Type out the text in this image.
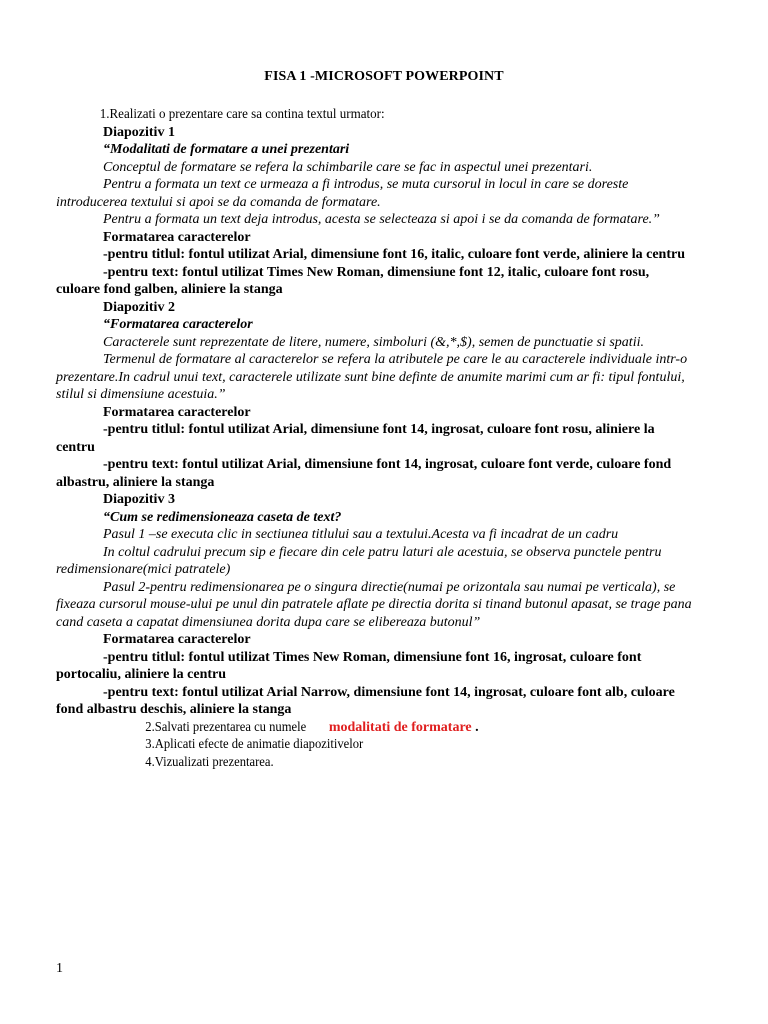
FISA 1 -MICROSOFT POWERPOINT

1.Realizati o prezentare care sa contina textul urmator:

Diapozitiv 1

“Modalitati de formatare a unei prezentari

Conceptul de formatare se refera la schimbarile care se fac in aspectul unei prezentari.

Pentru a formata un text ce urmeaza a fi introdus, se muta cursorul in locul in care se doreste introducerea textului si apoi se da comanda de formatare.

Pentru a formata un text deja introdus, acesta se selecteaza si apoi i se da comanda de formatare.”

Formatarea caracterelor

-pentru titlul: fontul utilizat Arial, dimensiune font 16, italic, culoare font verde, aliniere la centru

-pentru text: fontul utilizat Times New Roman, dimensiune font 12, italic, culoare font rosu, culoare fond galben, aliniere la stanga

Diapozitiv 2

“Formatarea caracterelor

Caracterele sunt reprezentate de litere, numere, simboluri (&,*,$), semen de punctuatie si spatii.

Termenul de formatare al caracterelor se refera la atributele pe care le au caracterele individuale intr-o prezentare.In cadrul unui text, caracterele utilizate sunt bine definte de anumite marimi cum ar fi: tipul fontului, stilul si dimensiune acestuia.”

Formatarea caracterelor

-pentru titlul: fontul utilizat Arial, dimensiune font 14, ingrosat, culoare font rosu, aliniere la centru

-pentru text: fontul utilizat Arial, dimensiune font 14, ingrosat, culoare font verde, culoare fond albastru, aliniere la stanga

Diapozitiv 3

“Cum se redimensioneaza caseta de text?

Pasul 1 –se executa clic in sectiunea titlului sau a textului.Acesta va fi incadrat de un cadru

In coltul cadrului precum sip e fiecare din cele patru laturi ale acestuia, se observa punctele pentru redimensionare(mici patratele)

Pasul 2-pentru redimensionarea pe o singura directie(numai pe orizontala sau numai pe verticala), se fixeaza cursorul mouse-ului pe unul din patratele aflate pe directia dorita si tinand butonul apasat, se trage pana cand caseta a capatat dimensiunea dorita dupa care se elibereaza butonul”

Formatarea caracterelor

-pentru titlul: fontul utilizat Times New Roman, dimensiune font 16, ingrosat, culoare font portocaliu, aliniere la centru

-pentru text: fontul utilizat Arial Narrow, dimensiune font 14, ingrosat, culoare font alb, culoare fond albastru deschis, aliniere la stanga

2.Salvati prezentarea cu numelemodalitati de formatare .

3.Aplicati efecte de animatie diapozitivelor

4.Vizualizati prezentarea.

1
